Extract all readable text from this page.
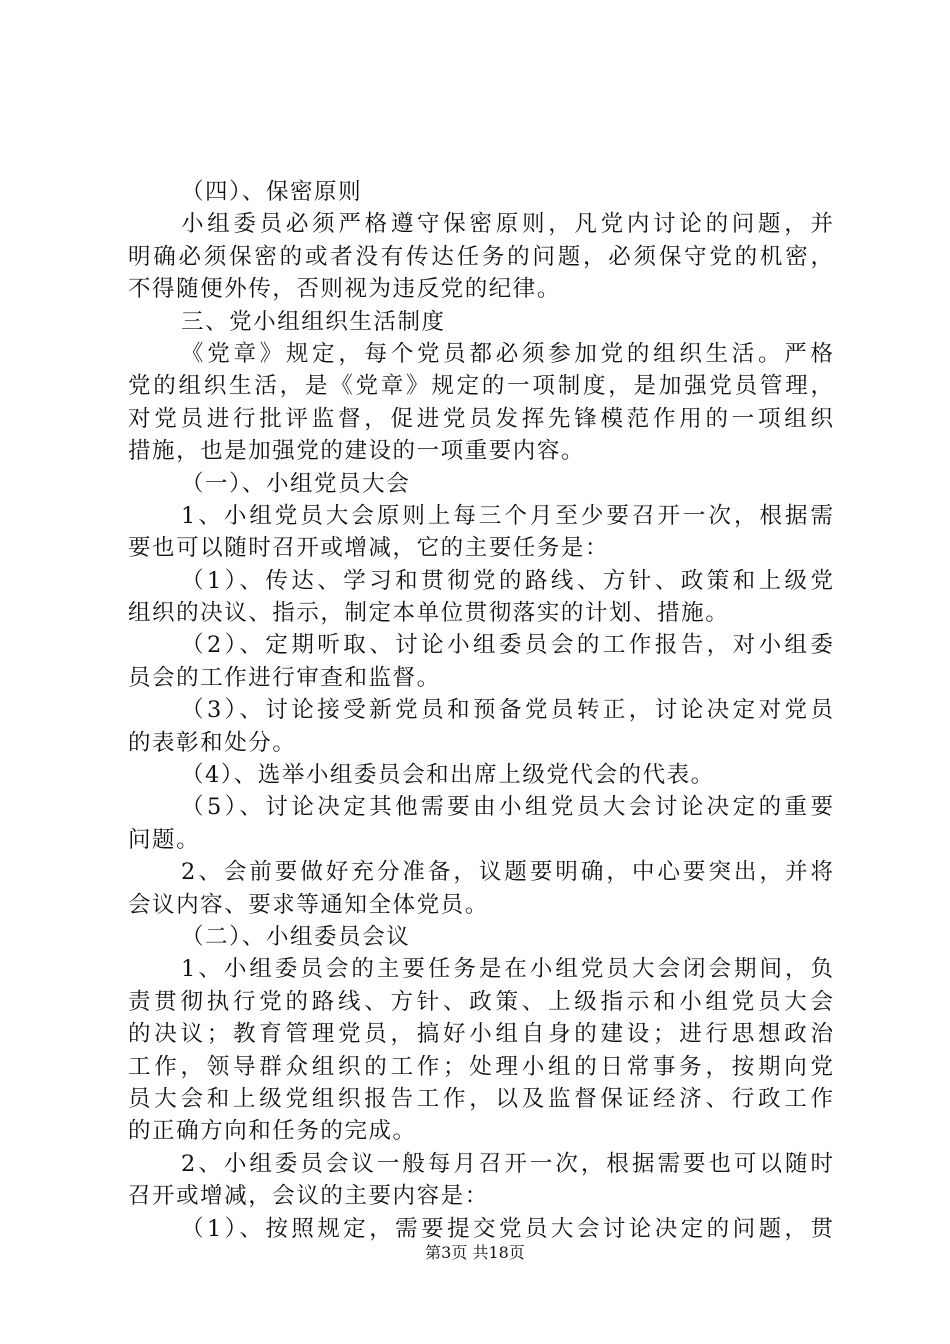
（四）、保密原则
小组委员必须严格遵守保密原则，凡党内讨论的问题，并
明确必须保密的或者没有传达任务的问题，必须保守党的机密，
不得随便外传，否则视为违反党的纪律。
三、党小组组织生活制度
《党章》规定，每个党员都必须参加党的组织生活。严格
党的组织生活，是《党章》规定的一项制度，是加强党员管理，
对党员进行批评监督，促进党员发挥先锋模范作用的一项组织
措施，也是加强党的建设的一项重要内容。
（一）、小组党员大会
1、小组党员大会原则上每三个月至少要召开一次，根据需
要也可以随时召开或增减，它的主要任务是：
（1）、传达、学习和贯彻党的路线、方针、政策和上级党
组织的决议、指示，制定本单位贯彻落实的计划、措施。
（2）、定期听取、讨论小组委员会的工作报告，对小组委
员会的工作进行审查和监督。
（3）、讨论接受新党员和预备党员转正，讨论决定对党员
的表彰和处分。
（4）、选举小组委员会和出席上级党代会的代表。
（5）、讨论决定其他需要由小组党员大会讨论决定的重要
问题。
2、会前要做好充分准备，议题要明确，中心要突出，并将
会议内容、要求等通知全体党员。
（二）、小组委员会议
1、小组委员会的主要任务是在小组党员大会闭会期间，负
责贯彻执行党的路线、方针、政策、上级指示和小组党员大会
的决议；教育管理党员，搞好小组自身的建设；进行思想政治
工作，领导群众组织的工作；处理小组的日常事务，按期向党
员大会和上级党组织报告工作，以及监督保证经济、行政工作
的正确方向和任务的完成。
2、小组委员会议一般每月召开一次，根据需要也可以随时
召开或增减，会议的主要内容是：
（1）、按照规定，需要提交党员大会讨论决定的问题，贯
第3页 共18页
